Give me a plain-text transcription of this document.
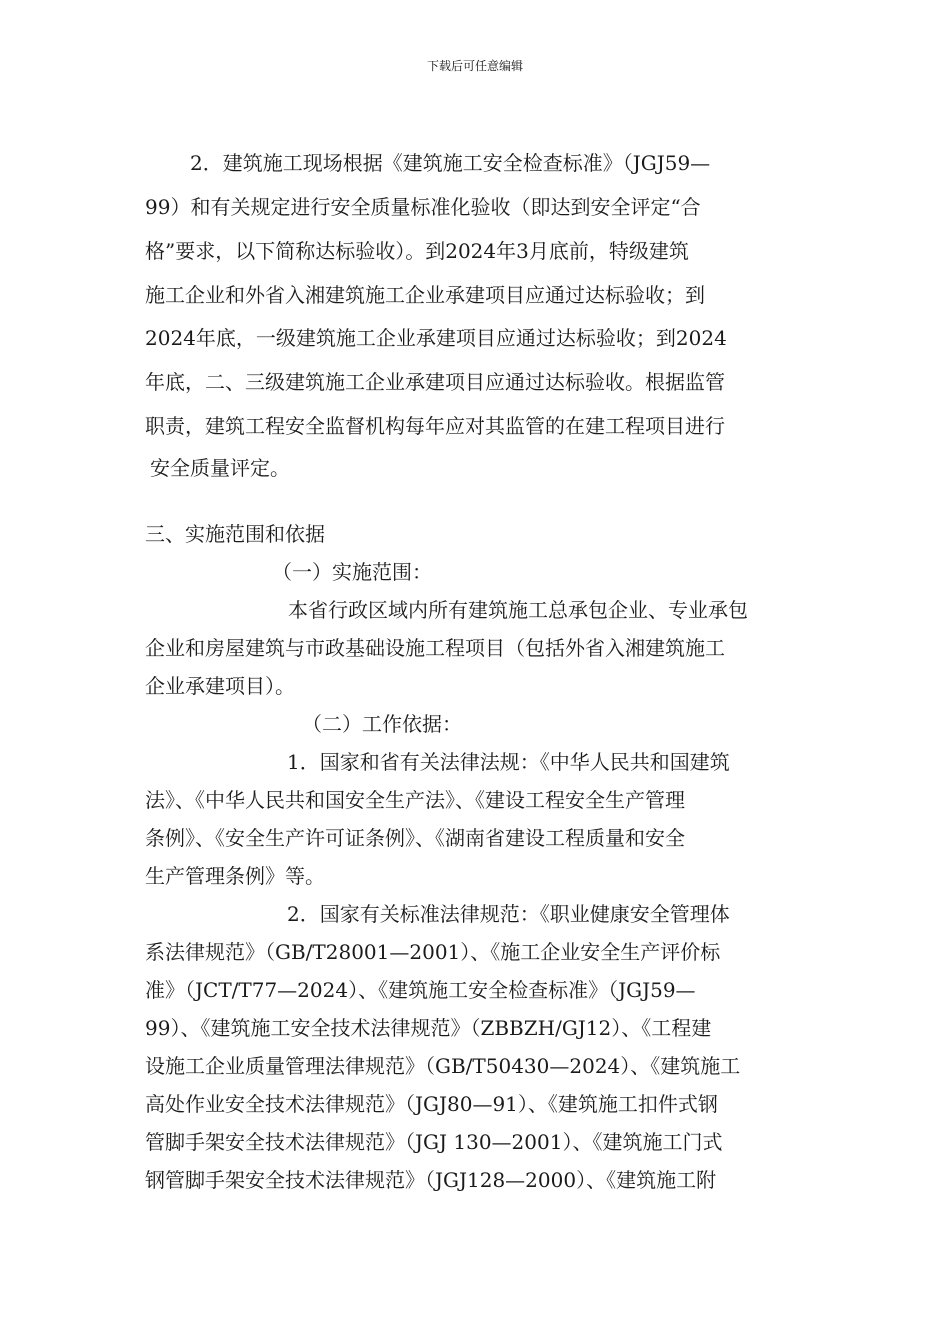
下载后可任意编辑
2．建筑施工现场根据《建筑施工安全检查标准》（JGJ59—
99）和有关规定进行安全质量标准化验收（即达到安全评定“合
格”要求，以下简称达标验收）。到2024年3月底前，特级建筑
施工企业和外省入湘建筑施工企业承建项目应通过达标验收；到
2024年底，一级建筑施工企业承建项目应通过达标验收；到2024
年底，二、三级建筑施工企业承建项目应通过达标验收。根据监管
职责，建筑工程安全监督机构每年应对其监管的在建工程项目进行
安全质量评定。
三、实施范围和依据
（一）实施范围：
本省行政区域内所有建筑施工总承包企业、专业承包
企业和房屋建筑与市政基础设施工程项目（包括外省入湘建筑施工
企业承建项目）。
（二）工作依据：
1．国家和省有关法律法规：《中华人民共和国建筑
法》、《中华人民共和国安全生产法》、《建设工程安全生产管理
条例》、《安全生产许可证条例》、《湖南省建设工程质量和安全
生产管理条例》等。
2．国家有关标准法律规范：《职业健康安全管理体
系法律规范》（GB/T28001—2001）、《施工企业安全生产评价标
准》（JCT/T77—2024）、《建筑施工安全检查标准》（JGJ59—
99）、《建筑施工安全技术法律规范》（ZBBZH/GJ12）、《工程建
设施工企业质量管理法律规范》（GB/T50430—2024）、《建筑施工
高处作业安全技术法律规范》（JGJ80—91）、《建筑施工扣件式钢
管脚手架安全技术法律规范》（JGJ 130—2001）、《建筑施工门式
钢管脚手架安全技术法律规范》（JGJ128—2000）、《建筑施工附
